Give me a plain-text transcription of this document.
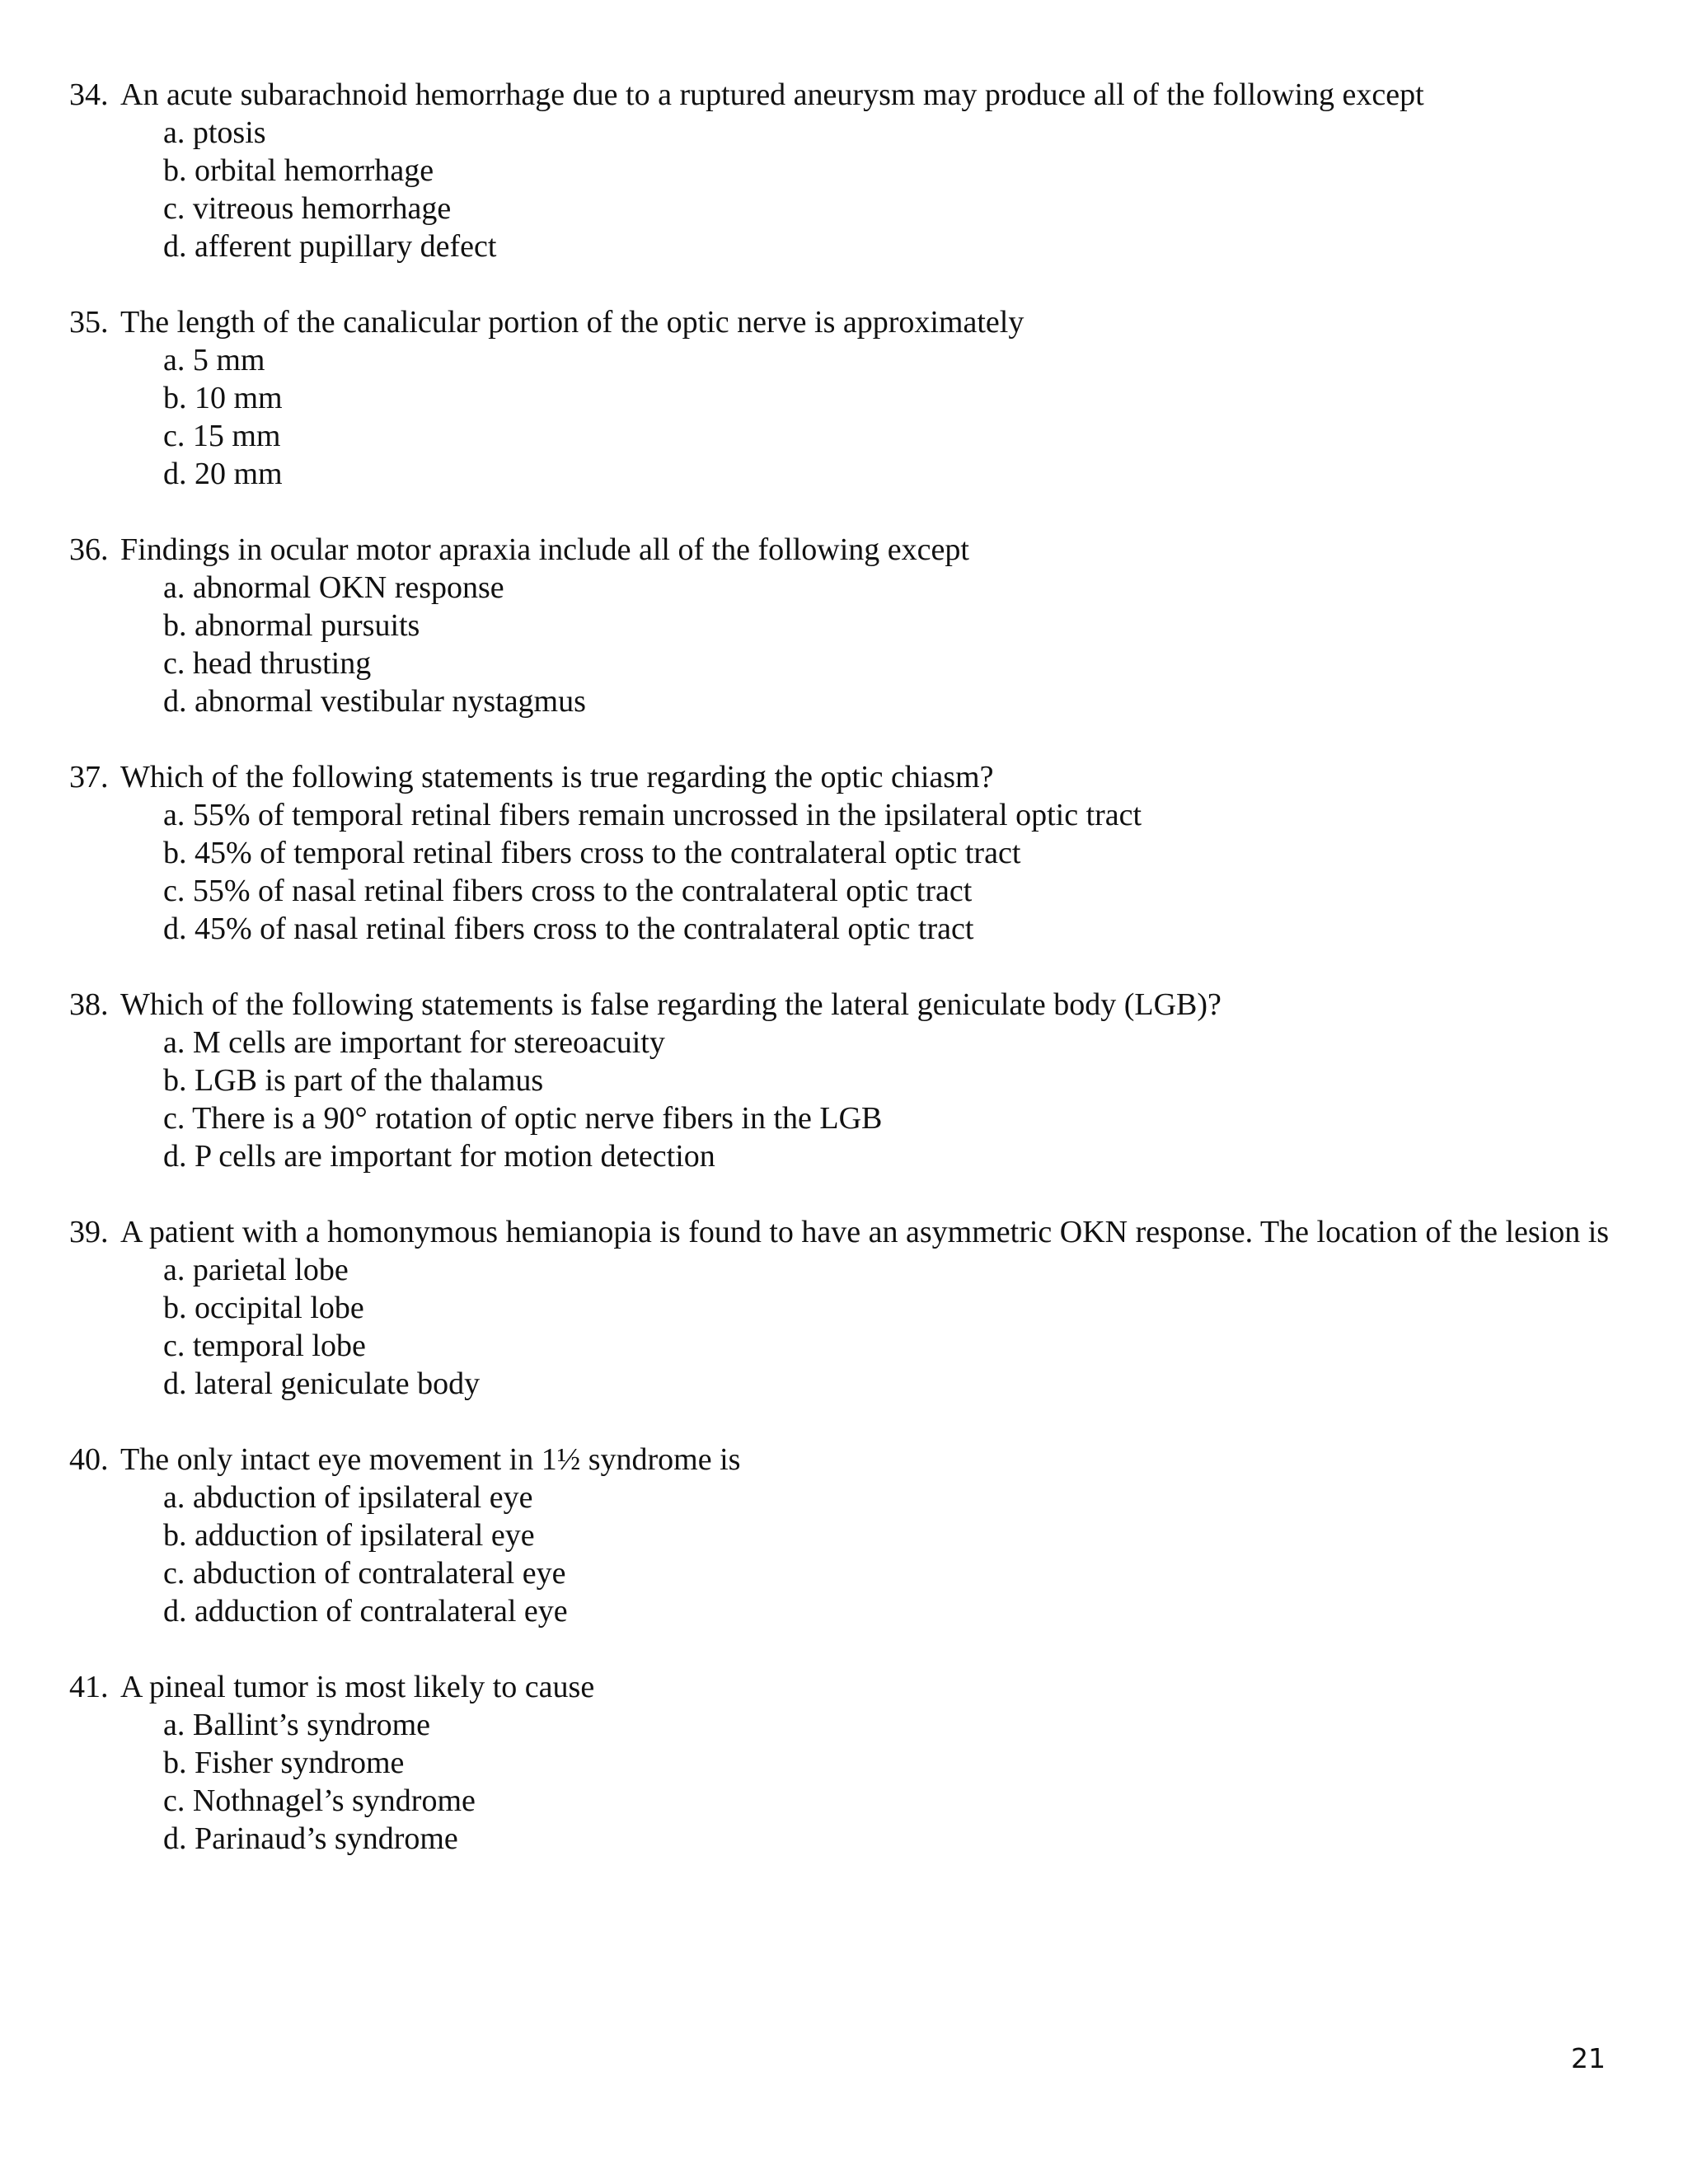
34. An acute subarachnoid hemorrhage due to a ruptured aneurysm may produce all of the following except
a. ptosis
b. orbital hemorrhage
c. vitreous hemorrhage
d. afferent pupillary defect
35. The length of the canalicular portion of the optic nerve is approximately
a. 5 mm
b. 10 mm
c. 15 mm
d. 20 mm
36. Findings in ocular motor apraxia include all of the following except
a. abnormal OKN response
b. abnormal pursuits
c. head thrusting
d. abnormal vestibular nystagmus
37. Which of the following statements is true regarding the optic chiasm?
a. 55% of temporal retinal fibers remain uncrossed in the ipsilateral optic tract
b. 45% of temporal retinal fibers cross to the contralateral optic tract
c. 55% of nasal retinal fibers cross to the contralateral optic tract
d. 45% of nasal retinal fibers cross to the contralateral optic tract
38. Which of the following statements is false regarding the lateral geniculate body (LGB)?
a. M cells are important for stereoacuity
b. LGB is part of the thalamus
c. There is a 90° rotation of optic nerve fibers in the LGB
d. P cells are important for motion detection
39. A patient with a homonymous hemianopia is found to have an asymmetric OKN response. The location of the lesion is
a. parietal lobe
b. occipital lobe
c. temporal lobe
d. lateral geniculate body
40. The only intact eye movement in 1½ syndrome is
a. abduction of ipsilateral eye
b. adduction of ipsilateral eye
c. abduction of contralateral eye
d. adduction of contralateral eye
41. A pineal tumor is most likely to cause
a. Ballint’s syndrome
b. Fisher syndrome
c. Nothnagel’s syndrome
d. Parinaud’s syndrome
21
